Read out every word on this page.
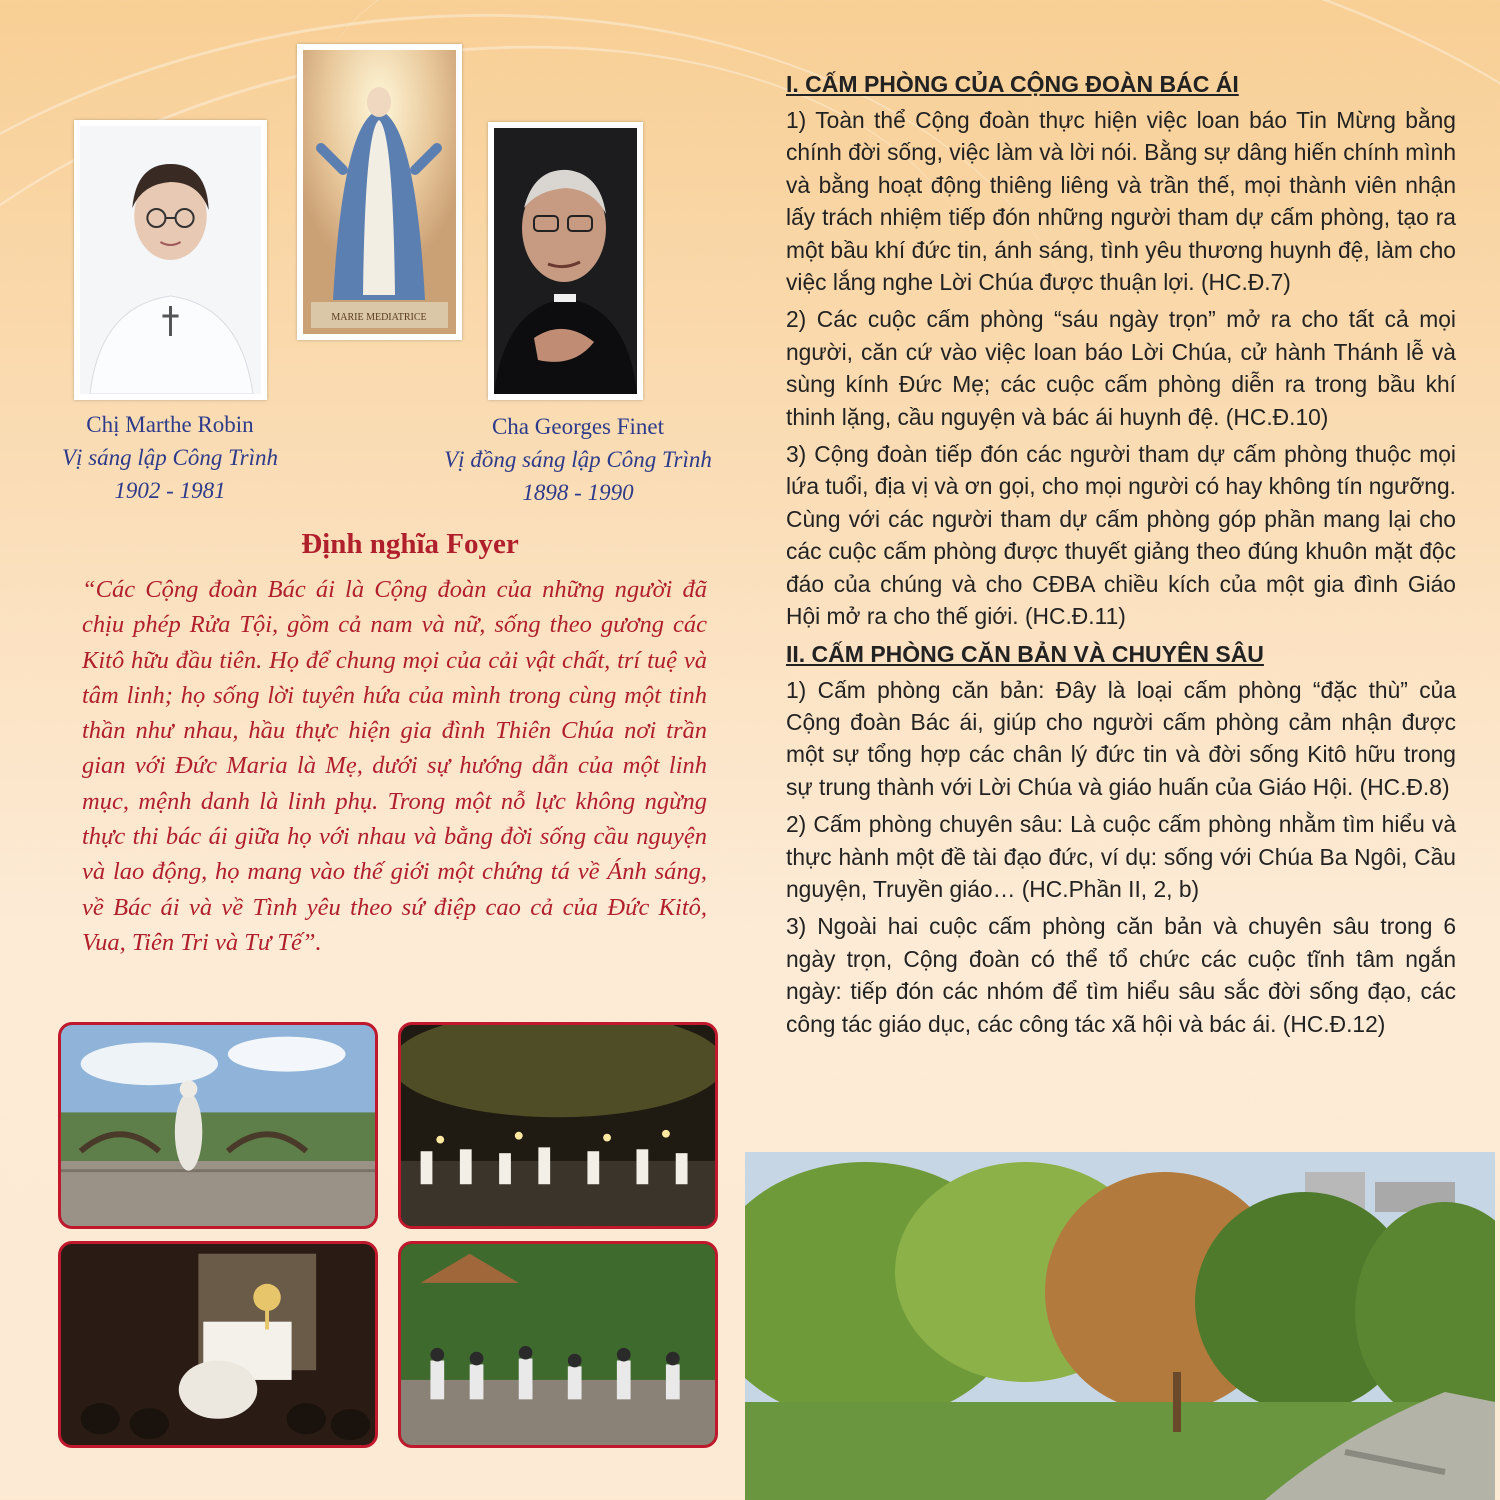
Chị Marthe Robin
Vị sáng lập Công Trình
1902 - 1981
MARIE MEDIATRICE
Cha Georges Finet
Vị đồng sáng lập Công Trình
1898 - 1990
Định nghĩa Foyer

“Các Cộng đoàn Bác ái là Cộng đoàn của những người đã chịu phép Rửa Tội, gồm cả nam và nữ, sống theo gương các Kitô hữu đầu tiên. Họ để chung mọi của cải vật chất, trí tuệ và tâm linh; họ sống lời tuyên hứa của mình trong cùng một tinh thần như nhau, hầu thực hiện gia đình Thiên Chúa nơi trần gian với Đức Maria là Mẹ, dưới sự hướng dẫn của một linh mục, mệnh danh là linh phụ. Trong một nỗ lực không ngừng thực thi bác ái giữa họ với nhau và bằng đời sống cầu nguyện và lao động, họ mang vào thế giới một chứng tá về Ánh sáng, về Bác ái và về Tình yêu theo sứ điệp cao cả của Đức Kitô, Vua, Tiên Tri và Tư Tế”.

I. CẤM PHÒNG CỦA CỘNG ĐOÀN BÁC ÁI

1) Toàn thể Cộng đoàn thực hiện việc loan báo Tin Mừng bằng chính đời sống, việc làm và lời nói. Bằng sự dâng hiến chính mình và bằng hoạt động thiêng liêng và trần thế, mọi thành viên nhận lấy trách nhiệm tiếp đón những người tham dự cấm phòng, tạo ra một bầu khí đức tin, ánh sáng, tình yêu thương huynh đệ, làm cho việc lắng nghe Lời Chúa được thuận lợi. (HC.Đ.7)

2) Các cuộc cấm phòng “sáu ngày trọn” mở ra cho tất cả mọi người, căn cứ vào việc loan báo Lời Chúa, cử hành Thánh lễ và sùng kính Đức Mẹ; các cuộc cấm phòng diễn ra trong bầu khí thinh lặng, cầu nguyện và bác ái huynh đệ. (HC.Đ.10)

3) Cộng đoàn tiếp đón các người tham dự cấm phòng thuộc mọi lứa tuổi, địa vị và ơn gọi, cho mọi người có hay không tín ngưỡng. Cùng với các người tham dự cấm phòng góp phần mang lại cho các cuộc cấm phòng được thuyết giảng theo đúng khuôn mặt độc đáo của chúng và cho CĐBA chiều kích của một gia đình Giáo Hội mở ra cho thế giới. (HC.Đ.11)

II. CẤM PHÒNG CĂN BẢN VÀ CHUYÊN SÂU

1) Cấm phòng căn bản: Đây là loại cấm phòng “đặc thù” của Cộng đoàn Bác ái, giúp cho người cấm phòng cảm nhận được một sự tổng hợp các chân lý đức tin và đời sống Kitô hữu trong sự trung thành với Lời Chúa và giáo huấn của Giáo Hội. (HC.Đ.8)

2) Cấm phòng chuyên sâu: Là cuộc cấm phòng nhằm tìm hiểu và thực hành một đề tài đạo đức, ví dụ: sống với Chúa Ba Ngôi, Cầu nguyện, Truyền giáo… (HC.Phần II, 2, b)

3) Ngoài hai cuộc cấm phòng căn bản và chuyên sâu trong 6 ngày trọn, Cộng đoàn có thể tổ chức các cuộc tĩnh tâm ngắn ngày: tiếp đón các nhóm để tìm hiểu sâu sắc đời sống đạo, các công tác giáo dục, các công tác xã hội và bác ái. (HC.Đ.12)
